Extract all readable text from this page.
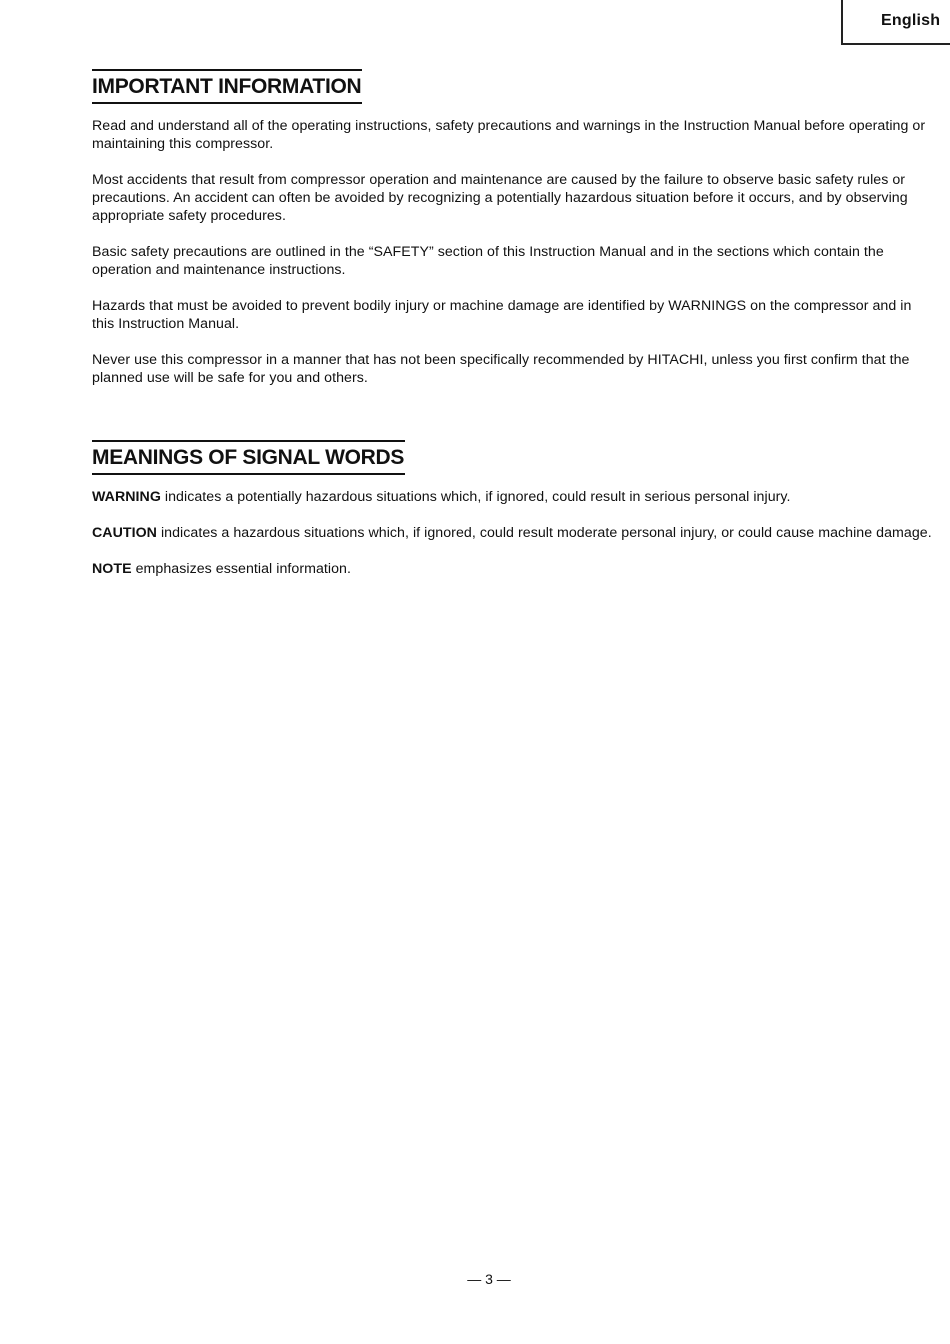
English
IMPORTANT INFORMATION

Read and understand all of the operating instructions, safety precautions and warnings in the Instruction Manual before operating or maintaining this compressor.

Most accidents that result from compressor operation and maintenance are caused by the failure to observe basic safety rules or precautions. An accident can often be avoided by recognizing a potentially hazardous situation before it occurs, and by observing appropriate safety procedures.

Basic safety precautions are outlined in the “SAFETY” section of this Instruction Manual and in the sections which contain the operation and maintenance instructions.

Hazards that must be avoided to prevent bodily injury or machine damage are identified by WARNINGS on the compressor and in this Instruction Manual.

Never use this compressor in a manner that has not been specifically recommended by HITACHI, unless you first confirm that the planned use will be safe for you and others.

MEANINGS OF SIGNAL WORDS

WARNING indicates a potentially hazardous situations which, if ignored, could result in serious personal injury.

CAUTION indicates a hazardous situations which, if ignored, could result moderate personal injury, or could cause machine damage.

NOTE emphasizes essential information.

— 3 —
